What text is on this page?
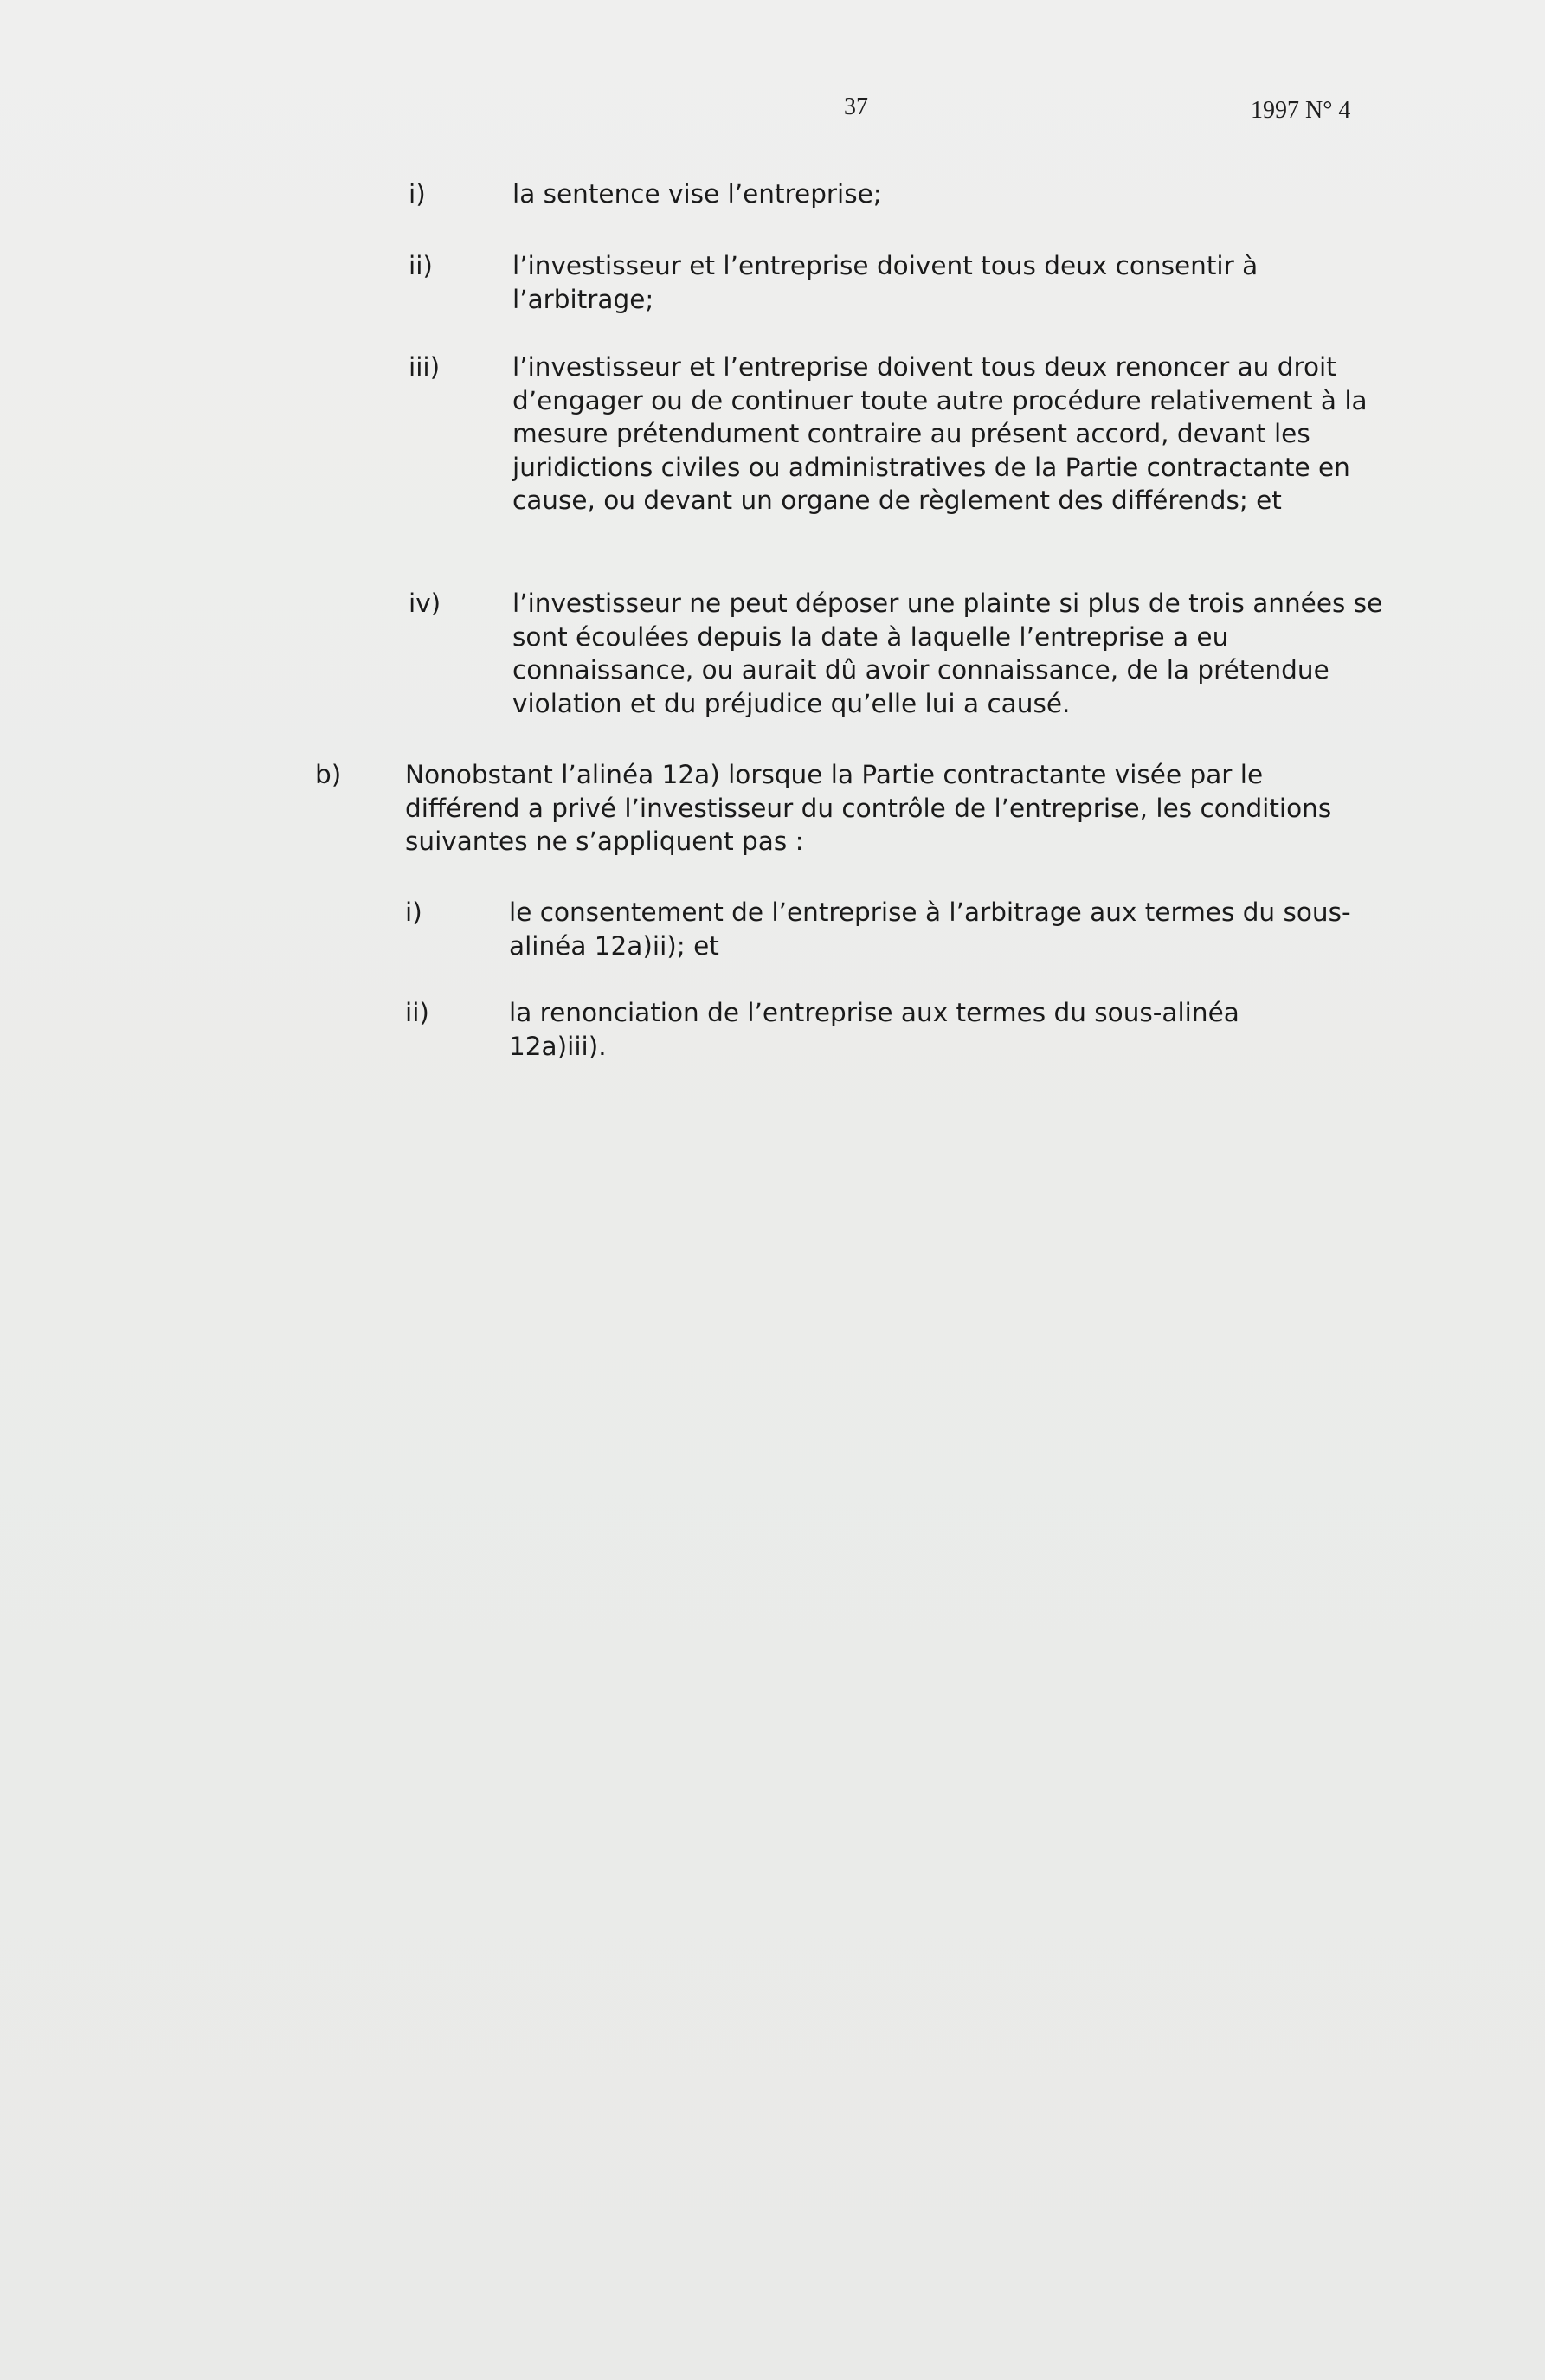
37	1997 N° 4
i)	la sentence vise l’entreprise;
ii)	l’investisseur et l’entreprise doivent tous deux consentir à l’arbitrage;
iii)	l’investisseur et l’entreprise doivent tous deux renoncer au droit d’engager ou de continuer toute autre procédure relativement à la mesure prétendument contraire au présent accord, devant les juridictions civiles ou administratives de la Partie contractante en cause, ou devant un organe de règlement des différends; et
iv)	l’investisseur ne peut déposer une plainte si plus de trois années se sont écoulées depuis la date à laquelle l’entreprise a eu connaissance, ou aurait dû avoir connaissance, de la prétendue violation et du préjudice qu’elle lui a causé.
b)	Nonobstant l’alinéa 12a) lorsque la Partie contractante visée par le différend a privé l’investisseur du contrôle de l’entreprise, les conditions suivantes ne s’appliquent pas :
i)	le consentement de l’entreprise à l’arbitrage aux termes du sous-alinéa 12a)ii); et
ii)	la renonciation de l’entreprise aux termes du sous-alinéa 12a)iii).
